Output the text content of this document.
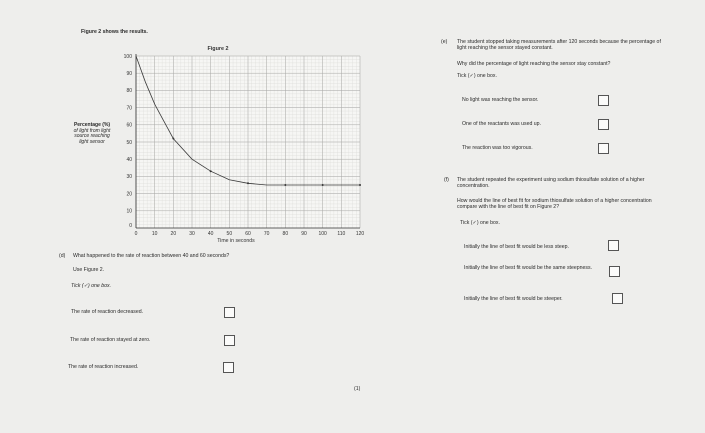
Figure 2 shows the results.
0	10	20	30	40	50	60	70	80	90 100 110 120
10
20
30
40
50
60
70
80
90
100
0
Figure 2
Time in seconds
Percentage (%)
of light from light
source reaching
light sensor
(d) What happened to the rate of reaction between 40 and 60 seconds?
Use Figure 2.
Tick (✓) one box.
The rate of reaction decreased.
The rate of reaction stayed at zero.
The rate of reaction increased.
(1)
(e) The student stopped taking measurements after 120 seconds because the percentage of
light reaching the sensor stayed constant.
Why did the percentage of light reaching the sensor stay constant?
Tick (✓) one box.
No light was reaching the sensor.
One of the reactants was used up.
The reaction was too vigorous.
(f) The student repeated the experiment using sodium thiosulfate solution of a higher
concentration.
How would the line of best fit for sodium thiosulfate solution of a higher concentration
compare with the line of best fit on Figure 2?
Tick (✓) one box.
Initially the line of best fit would be less steep.
Initially the line of best fit would be the same steepness.
Initially the line of best fit would be steeper.
